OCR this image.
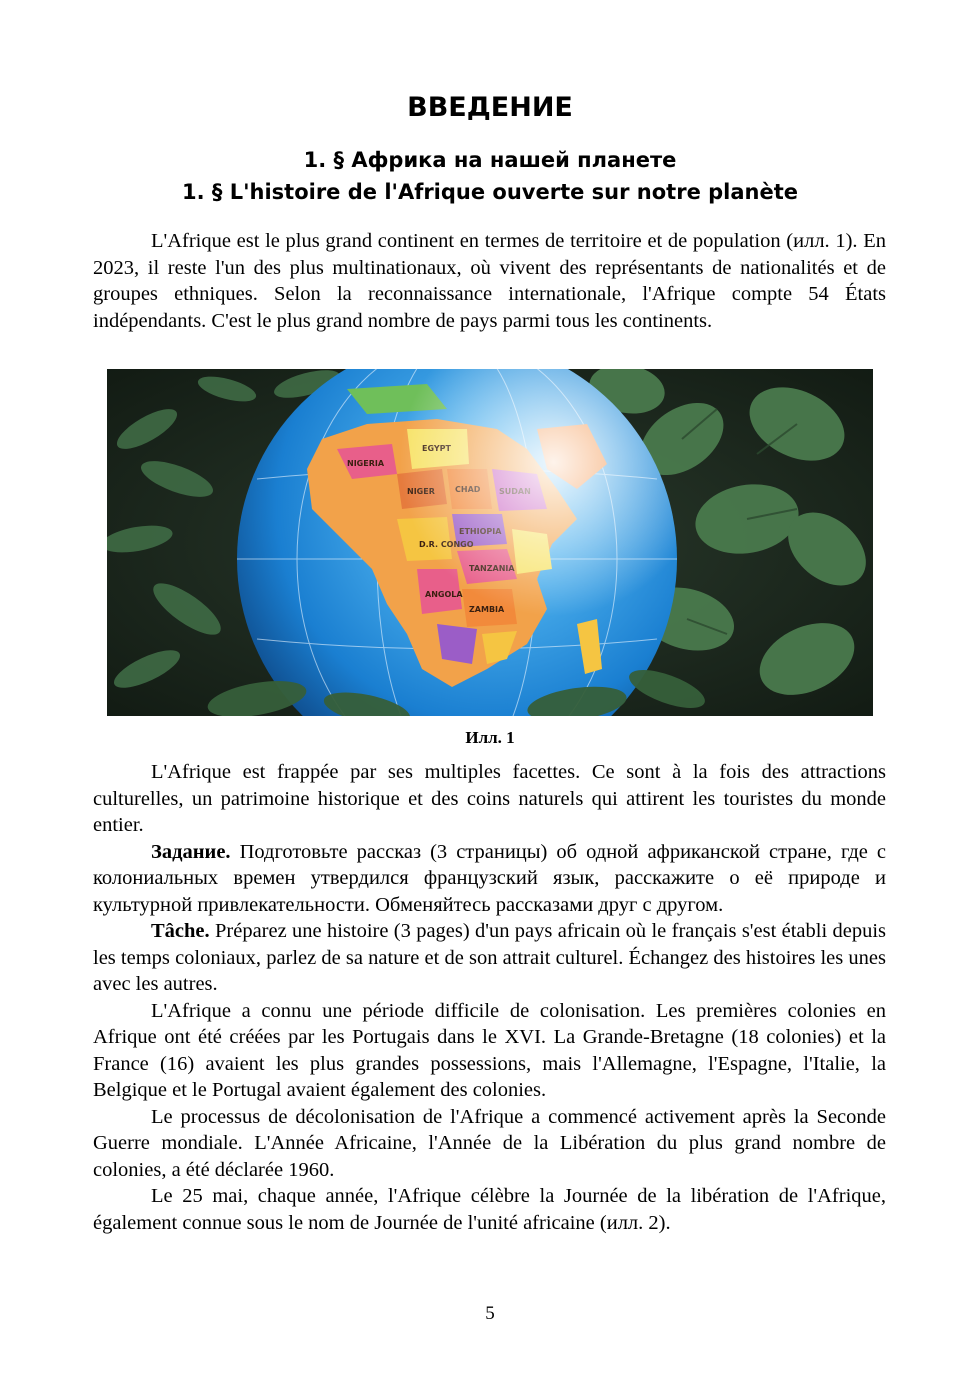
ВВЕДЕНИЕ
1. § Африка на нашей планете
1. § L'histoire de l'Afrique ouverte sur notre planète

L'Afrique est le plus grand continent en termes de territoire et de population (илл. 1). En 2023, il reste l'un des plus multinationaux, où vivent des représentants de nationalités et de groupes ethniques. Selon la reconnaissance internationale, l'Afrique compte 54 États indépendants. C'est le plus grand nombre de pays parmi tous les continents.

Илл. 1

L'Afrique est frappée par ses multiples facettes. Ce sont à la fois des attractions culturelles, un patrimoine historique et des coins naturels qui attirent les touristes du monde entier.

Задание. Подготовьте рассказ (3 страницы) об одной африканской стране, где с колониальных времен утвердился французский язык, расскажите о её природе и культурной привлекательности. Обменяйтесь рассказами друг с другом.

Tâche. Préparez une histoire (3 pages) d'un pays africain où le français s'est établi depuis les temps coloniaux, parlez de sa nature et de son attrait culturel. Échangez des histoires les unes avec les autres.

L'Afrique a connu une période difficile de colonisation. Les premières colonies en Afrique ont été créées par les Portugais dans le XVI. La Grande-Bretagne (18 colonies) et la France (16) avaient les plus grandes possessions, mais l'Allemagne, l'Espagne, l'Italie, la Belgique et le Portugal avaient également des colonies.

Le processus de décolonisation de l'Afrique a commencé activement après la Seconde Guerre mondiale. L'Année Africaine, l'Année de la Libération du plus grand nombre de colonies, a été déclarée 1960.

Le 25 mai, chaque année, l'Afrique célèbre la Journée de la libération de l'Afrique, également connue sous le nom de Journée de l'unité africaine (илл. 2).

5
